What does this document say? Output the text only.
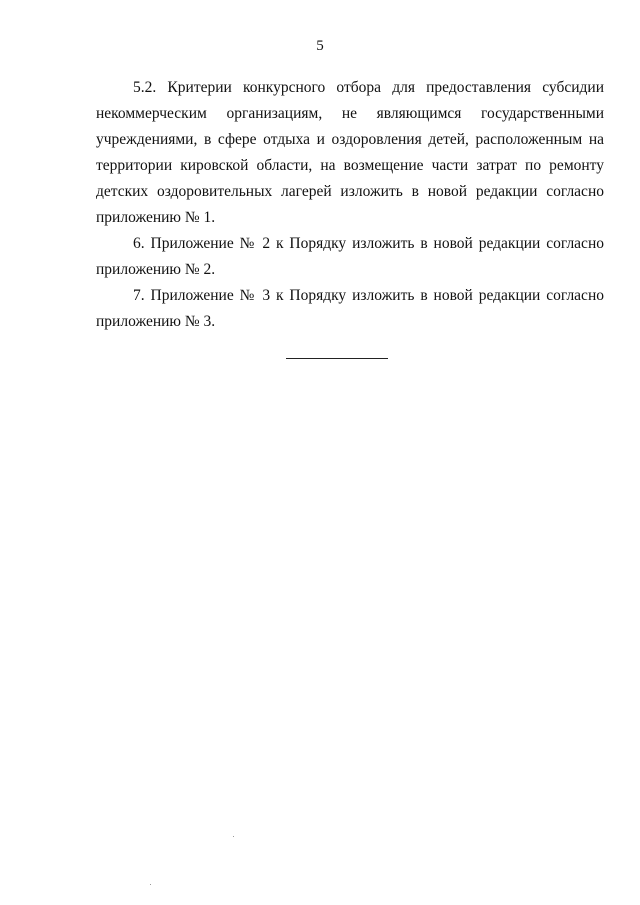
5

5.2. Критерии конкурсного отбора для предоставления субсидии некоммерческим организациям, не являющимся государственными учреждениями, в сфере отдыха и оздоровления детей, расположенным на территории кировской области, на возмещение части затрат по ремонту детских оздоровительных лагерей изложить в новой редакции согласно приложению № 1.

6. Приложение № 2 к Порядку изложить в новой редакции согласно приложению № 2.

7. Приложение № 3 к Порядку изложить в новой редакции согласно приложению № 3.
